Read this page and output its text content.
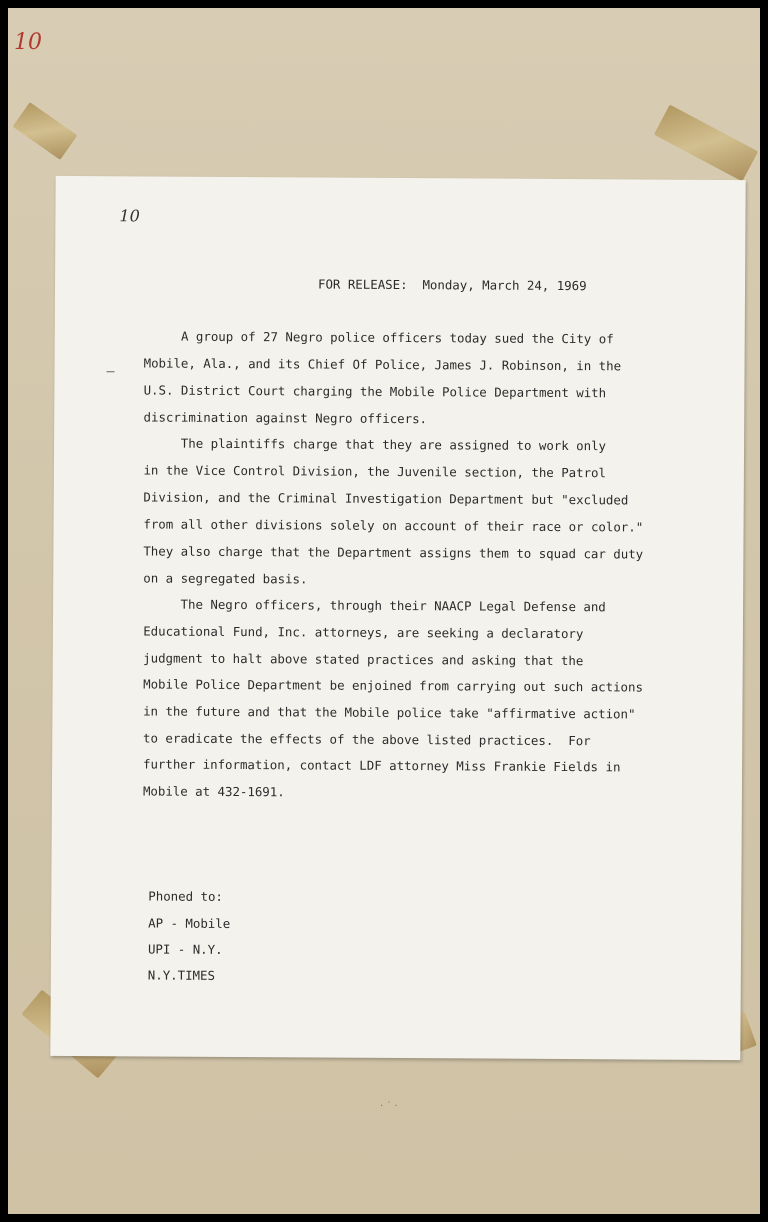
10
10
FOR RELEASE:  Monday, March 24, 1969
A group of 27 Negro police officers today sued the City of
Mobile, Ala., and its Chief Of Police, James J. Robinson, in the
U.S. District Court charging the Mobile Police Department with
discrimination against Negro officers.
The plaintiffs charge that they are assigned to work only
in the Vice Control Division, the Juvenile section, the Patrol
Division, and the Criminal Investigation Department but "excluded
from all other divisions solely on account of their race or color."
They also charge that the Department assigns them to squad car duty
on a segregated basis.
The Negro officers, through their NAACP Legal Defense and
Educational Fund, Inc. attorneys, are seeking a declaratory
judgment to halt above stated practices and asking that the
Mobile Police Department be enjoined from carrying out such actions
in the future and that the Mobile police take "affirmative action"
to eradicate the effects of the above listed practices.  For
further information, contact LDF attorney Miss Frankie Fields in
Mobile at 432-1691.
Phoned to:
AP - Mobile
UPI - N.Y.
N.Y.TIMES
· ˙ ·
